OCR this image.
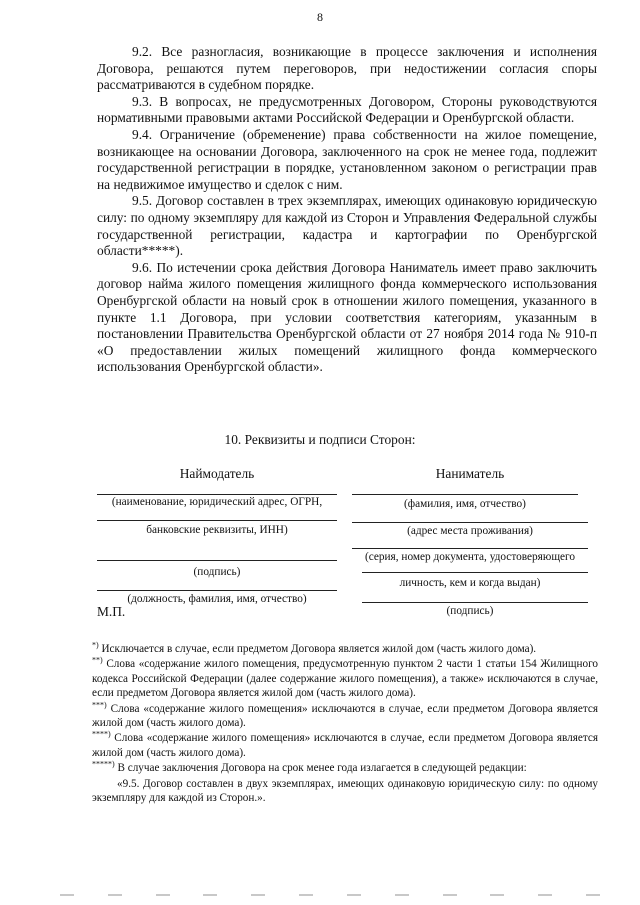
8

9.2. Все разногласия, возникающие в процессе заключения и исполнения Договора, решаются путем переговоров, при недостижении согласия споры рассматриваются в судебном порядке.

9.3. В вопросах, не предусмотренных Договором, Стороны руководствуются нормативными правовыми актами Российской Федерации и Оренбургской области.

9.4. Ограничение (обременение) права собственности на жилое помещение, возникающее на основании Договора, заключенного на срок не менее года, подлежит государственной регистрации в порядке, установленном законом о регистрации прав на недвижимое имущество и сделок с ним.

9.5. Договор составлен в трех экземплярах, имеющих одинаковую юридическую силу: по одному экземпляру для каждой из Сторон и Управления Федеральной службы государственной регистрации, кадастра и картографии по Оренбургской области*****).

9.6. По истечении срока действия Договора Наниматель имеет право заключить договор найма жилого помещения жилищного фонда коммерческого использования Оренбургской области на новый срок в отношении жилого помещения, указанного в пункте 1.1 Договора, при условии соответствия категориям, указанным в постановлении Правительства Оренбургской области от 27 ноября 2014 года № 910-п «О предоставлении жилых помещений жилищного фонда коммерческого использования Оренбургской области».

10. Реквизиты и подписи Сторон:
Наймодатель
(наименование, юридический адрес, ОГРН,
банковские реквизиты, ИНН)
(подпись)
(должность, фамилия, имя, отчество)
М.П.
Наниматель
(фамилия, имя, отчество)
(адрес места проживания)
(серия, номер документа, удостоверяющего
личность, кем и когда выдан)
(подпись)

*) Исключается в случае, если предметом Договора является жилой дом (часть жилого дома).

**) Слова «содержание жилого помещения, предусмотренную пунктом 2 части 1 статьи 154 Жилищного кодекса Российской Федерации (далее содержание жилого помещения), а также» исключаются в случае, если предметом Договора является жилой дом (часть жилого дома).

***) Слова «содержание жилого помещения» исключаются в случае, если предметом Договора является жилой дом (часть жилого дома).

****) Слова «содержание жилого помещения» исключаются в случае, если предметом Договора является жилой дом (часть жилого дома).

*****) В случае заключения Договора на срок менее года излагается в следующей редакции:

«9.5. Договор составлен в двух экземплярах, имеющих одинаковую юридическую силу: по одному экземпляру для каждой из Сторон.».
